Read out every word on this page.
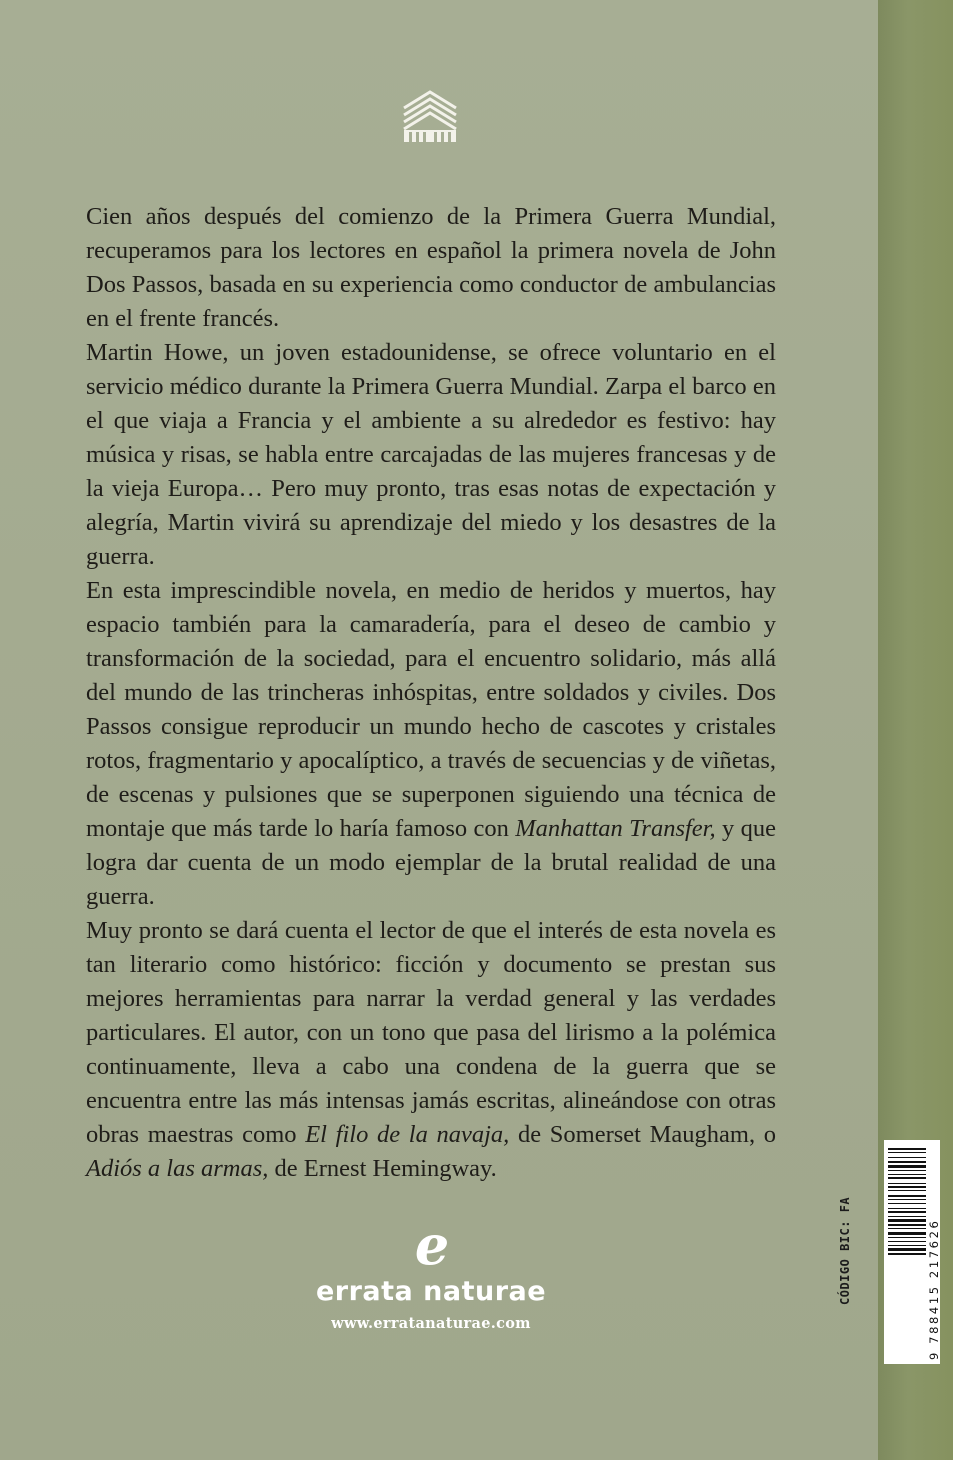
Cien años después del comienzo de la Primera Guerra Mundial, recuperamos para los lectores en español la primera novela de John Dos Passos, basada en su experiencia como conductor de ambulancias en el frente francés.

Martin Howe, un joven estadounidense, se ofrece voluntario en el servicio médico durante la Primera Guerra Mundial. Zarpa el barco en el que viaja a Francia y el ambiente a su alrededor es festivo: hay música y risas, se habla entre carcajadas de las mujeres francesas y de la vieja Europa… Pero muy pronto, tras esas notas de expectación y alegría, Martin vivirá su aprendizaje del miedo y los desastres de la guerra.

En esta imprescindible novela, en medio de heridos y muertos, hay espacio también para la camaradería, para el deseo de cambio y transformación de la sociedad, para el encuentro solidario, más allá del mundo de las trincheras inhóspitas, entre soldados y civiles. Dos Passos consigue reproducir un mundo hecho de cascotes y cristales rotos, fragmentario y apocalíptico, a través de secuencias y de viñetas, de escenas y pulsiones que se superponen siguiendo una técnica de montaje que más tarde lo haría famoso con Manhattan Transfer, y que logra dar cuenta de un modo ejemplar de la brutal realidad de una guerra.

Muy pronto se dará cuenta el lector de que el interés de esta novela es tan literario como histórico: ficción y documento se prestan sus mejores herramientas para narrar la verdad general y las verdades particulares. El autor, con un tono que pasa del lirismo a la polémica continuamente, lleva a cabo una condena de la guerra que se encuentra entre las más intensas jamás escritas, alineándose con otras obras maestras como El filo de la navaja, de Somerset Maugham, o Adiós a las armas, de Ernest Hemingway.

e
errata naturae
www.erratanaturae.com
CÓDIGO BIC: FA	9 788415 217626
